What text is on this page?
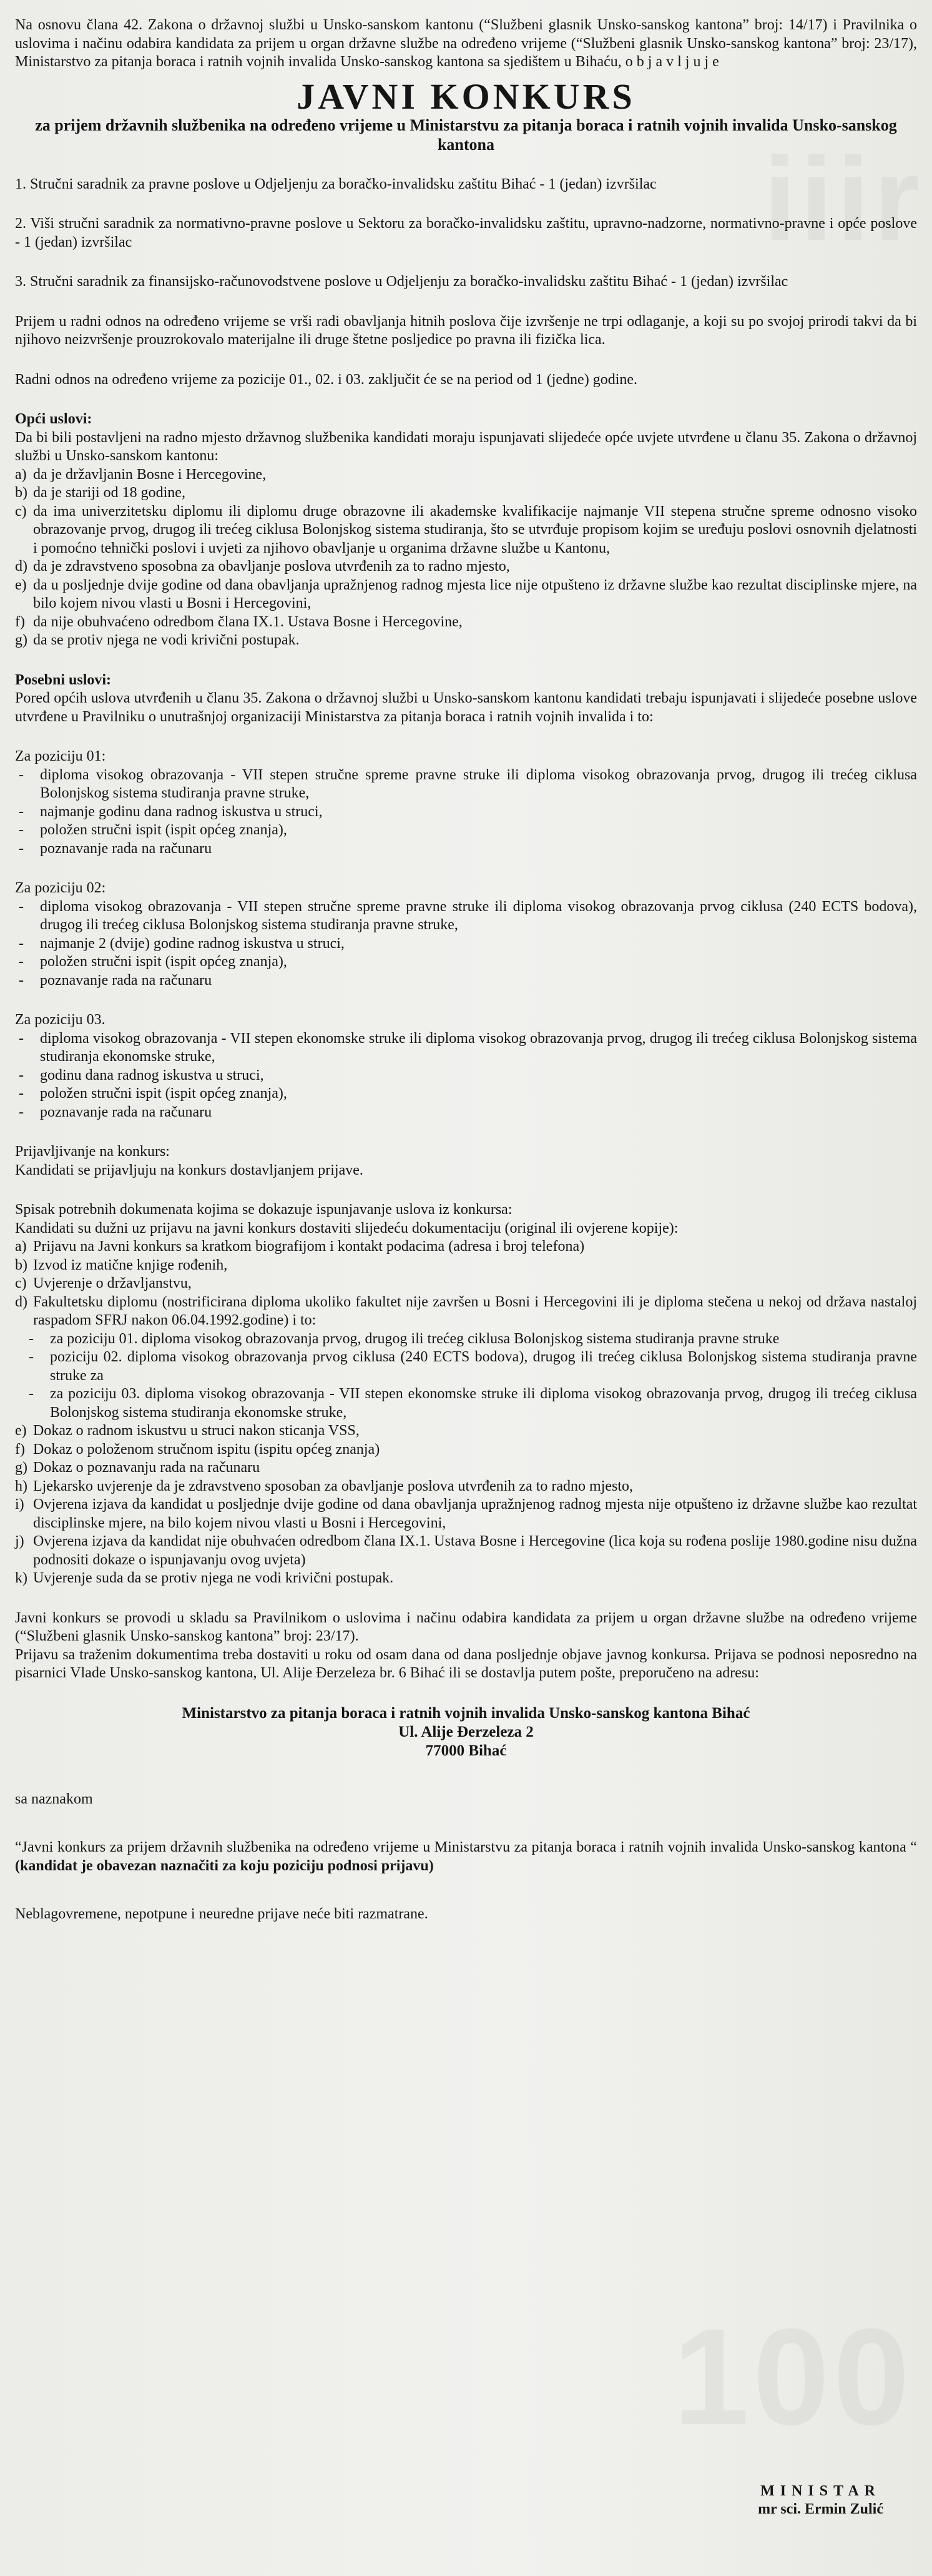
Na osnovu člana 42. Zakona o državnoj službi u Unsko-sanskom kantonu (“Službeni glasnik Unsko-sanskog kantona” broj: 14/17) i Pravilnika o uslovima i načinu odabira kandidata za prijem u organ državne službe na određeno vrijeme (“Službeni glasnik Unsko-sanskog kantona” broj: 23/17), Ministarstvo za pitanja boraca i ratnih vojnih invalida Unsko-sanskog kantona sa sjedištem u Bihaću, o b j a v l j u j e
JAVNI KONKURS
za prijem državnih službenika na određeno vrijeme u Ministarstvu za pitanja boraca i ratnih vojnih invalida Unsko-sanskog kantona
1. Stručni saradnik za pravne poslove u Odjeljenju za boračko-invalidsku zaštitu Bihać - 1 (jedan) izvršilac
2. Viši stručni saradnik za normativno-pravne poslove u Sektoru za boračko-invalidsku zaštitu, upravno-nadzorne, normativno-pravne i opće poslove - 1 (jedan) izvršilac
3. Stručni saradnik za finansijsko-računovodstvene poslove u Odjeljenju za boračko-invalidsku zaštitu Bihać - 1 (jedan) izvršilac
Prijem u radni odnos na određeno vrijeme se vrši radi obavljanja hitnih poslova čije izvršenje ne trpi odlaganje, a koji su po svojoj prirodi takvi da bi njihovo neizvršenje prouzrokovalo materijalne ili druge štetne posljedice po pravna ili fizička lica.
Radni odnos na određeno vrijeme za pozicije 01., 02. i 03. zaključit će se na period od 1 (jedne) godine.
Opći uslovi:
Da bi bili postavljeni na radno mjesto državnog službenika kandidati moraju ispunjavati slijedeće opće uvjete utvrđene u članu 35. Zakona o državnoj službi u Unsko-sanskom kantonu:
a) da je državljanin Bosne i Hercegovine,
b) da je stariji od 18 godine,
c) da ima univerzitetsku diplomu ili diplomu druge obrazovne ili akademske kvalifikacije najmanje VII stepena stručne spreme odnosno visoko obrazovanje prvog, drugog ili trećeg ciklusa Bolonjskog sistema studiranja, što se utvrđuje propisom kojim se uređuju poslovi osnovnih djelatnosti i pomoćno tehnički poslovi i uvjeti za njihovo obavljanje u organima državne službe u Kantonu,
d) da je zdravstveno sposobna za obavljanje poslova utvrđenih za to radno mjesto,
e) da u posljednje dvije godine od dana obavljanja upražnjenog radnog mjesta lice nije otpušteno iz državne službe kao rezultat disciplinske mjere, na bilo kojem nivou vlasti u Bosni i Hercegovini,
f) da nije obuhvaćeno odredbom člana IX.1. Ustava Bosne i Hercegovine,
g) da se protiv njega ne vodi krivični postupak.
Posebni uslovi:
Pored općih uslova utvrđenih u članu 35. Zakona o državnoj službi u Unsko-sanskom kantonu kandidati trebaju ispunjavati i slijedeće posebne uslove utvrđene u Pravilniku o unutrašnjoj organizaciji Ministarstva za pitanja boraca i ratnih vojnih invalida i to:
Za poziciju 01:
-	diploma visokog obrazovanja - VII stepen stručne spreme pravne struke ili diploma visokog obrazovanja prvog, drugog ili trećeg ciklusa Bolonjskog sistema studiranja pravne struke,
-	najmanje godinu dana radnog iskustva u struci,
-	položen stručni ispit (ispit općeg znanja),
-	poznavanje rada na računaru
Za poziciju 02:
-	diploma visokog obrazovanja - VII stepen stručne spreme pravne struke ili diploma visokog obrazovanja prvog ciklusa (240 ECTS bodova), drugog ili trećeg ciklusa Bolonjskog sistema studiranja pravne struke,
-	najmanje 2 (dvije) godine radnog iskustva u struci,
-	položen stručni ispit (ispit općeg znanja),
-	poznavanje rada na računaru
Za poziciju 03.
-	diploma visokog obrazovanja - VII stepen ekonomske struke ili diploma visokog obrazovanja prvog, drugog ili trećeg ciklusa Bolonjskog sistema studiranja ekonomske struke,
-	godinu dana radnog iskustva u struci,
-	položen stručni ispit (ispit općeg znanja),
-	poznavanje rada na računaru
Prijavljivanje na konkurs:
Kandidati se prijavljuju na konkurs dostavljanjem prijave.
Spisak potrebnih dokumenata kojima se dokazuje ispunjavanje uslova iz konkursa:
Kandidati su dužni uz prijavu na javni konkurs dostaviti slijedeću dokumentaciju (original ili ovjerene kopije):
a) Prijavu na Javni konkurs sa kratkom biografijom i kontakt podacima (adresa i broj telefona)
b) Izvod iz matične knjige rođenih,
c) Uvjerenje o državljanstvu,
d) Fakultetsku diplomu (nostrificirana diploma ukoliko fakultet nije završen u Bosni i Hercegovini ili je diploma stečena u nekoj od država nastaloj raspadom SFRJ nakon 06.04.1992.godine) i to:
-	za poziciju 01. diploma visokog obrazovanja prvog, drugog ili trećeg ciklusa Bolonjskog sistema studiranja pravne struke
-	poziciju 02. diploma visokog obrazovanja prvog ciklusa (240 ECTS bodova), drugog ili trećeg ciklusa Bolonjskog sistema studiranja pravne struke za
-	za poziciju 03. diploma visokog obrazovanja - VII stepen ekonomske struke ili diploma visokog obrazovanja prvog, drugog ili trećeg ciklusa Bolonjskog sistema studiranja ekonomske struke,
e) Dokaz o radnom iskustvu u struci nakon sticanja VSS,
f) Dokaz o položenom stručnom ispitu (ispitu općeg znanja)
g) Dokaz o poznavanju rada na računaru
h) Ljekarsko uvjerenje da je zdravstveno sposoban za obavljanje poslova utvrđenih za to radno mjesto,
i) Ovjerena izjava da kandidat u posljednje dvije godine od dana obavljanja upražnjenog radnog mjesta nije otpušteno iz državne službe kao rezultat disciplinske mjere, na bilo kojem nivou vlasti u Bosni i Hercegovini,
j) Ovjerena izjava da kandidat nije obuhvaćen odredbom člana IX.1. Ustava Bosne i Hercegovine (lica koja su rođena poslije 1980.godine nisu dužna podnositi dokaze o ispunjavanju ovog uvjeta)
k) Uvjerenje suda da se protiv njega ne vodi krivični postupak.
Javni konkurs se provodi u skladu sa Pravilnikom o uslovima i načinu odabira kandidata za prijem u organ državne službe na određeno vrijeme (“Službeni glasnik Unsko-sanskog kantona” broj: 23/17).
Prijavu sa traženim dokumentima treba dostaviti u roku od osam dana od dana posljednje objave javnog konkursa. Prijava se podnosi neposredno na pisarnici Vlade Unsko-sanskog kantona, Ul. Alije Đerzeleza br. 6 Bihać ili se dostavlja putem pošte, preporučeno na adresu:
Ministarstvo za pitanja boraca i ratnih vojnih invalida Unsko-sanskog kantona Bihać
Ul. Alije Đerzeleza 2
77000 Bihać
sa naznakom
“Javni konkurs za prijem državnih službenika na određeno vrijeme u Ministarstvu za pitanja boraca i ratnih vojnih invalida Unsko-sanskog kantona “ (kandidat je obavezan naznačiti za koju poziciju podnosi prijavu)
Neblagovremene, nepotpune i neuredne prijave neće biti razmatrane.
MINISTAR
mr sci. Ermin Zulić
